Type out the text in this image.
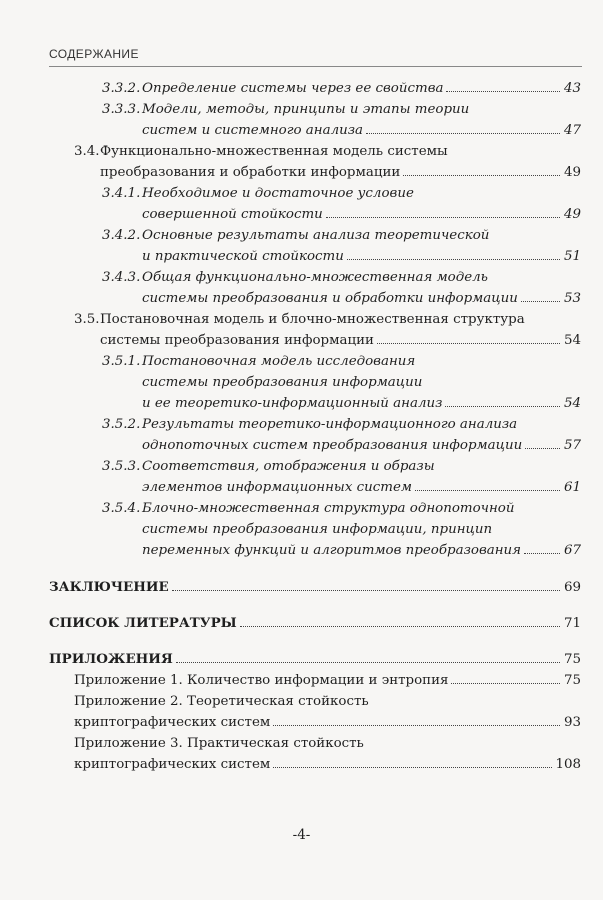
СОДЕРЖАНИЕ
3.3.2. Определение системы через ее свойства	43
3.3.3. Модели, методы, принципы и этапы теории
систем и системного анализа	47
3.4.Функционально-множественная модель системы
преобразования и обработки информации	49
3.4.1. Необходимое и достаточное условие
совершенной стойкости	49
3.4.2. Основные результаты анализа теоретической
и практической стойкости	51
3.4.3. Общая функционально-множественная модель
системы преобразования и обработки информации	53
3.5.Постановочная модель и блочно-множественная структура
системы преобразования информации	54
3.5.1. Постановочная модель исследования
системы преобразования информации
и ее теоретико-информационный анализ	54
3.5.2. Результаты теоретико-информационного анализа
однопоточных систем преобразования информации	57
3.5.3. Соответствия, отображения и образы
элементов информационных систем	61
3.5.4. Блочно-множественная структура однопоточной
системы преобразования информации, принцип
переменных функций и алгоритмов преобразования	67
ЗАКЛЮЧЕНИЕ	69
СПИСОК ЛИТЕРАТУРЫ	71
ПРИЛОЖЕНИЯ	75
Приложение 1. Количество информации и энтропия	75
Приложение 2. Теоретическая стойкость
криптографических систем	93
Приложение 3. Практическая стойкость
криптографических систем	108
-4-
